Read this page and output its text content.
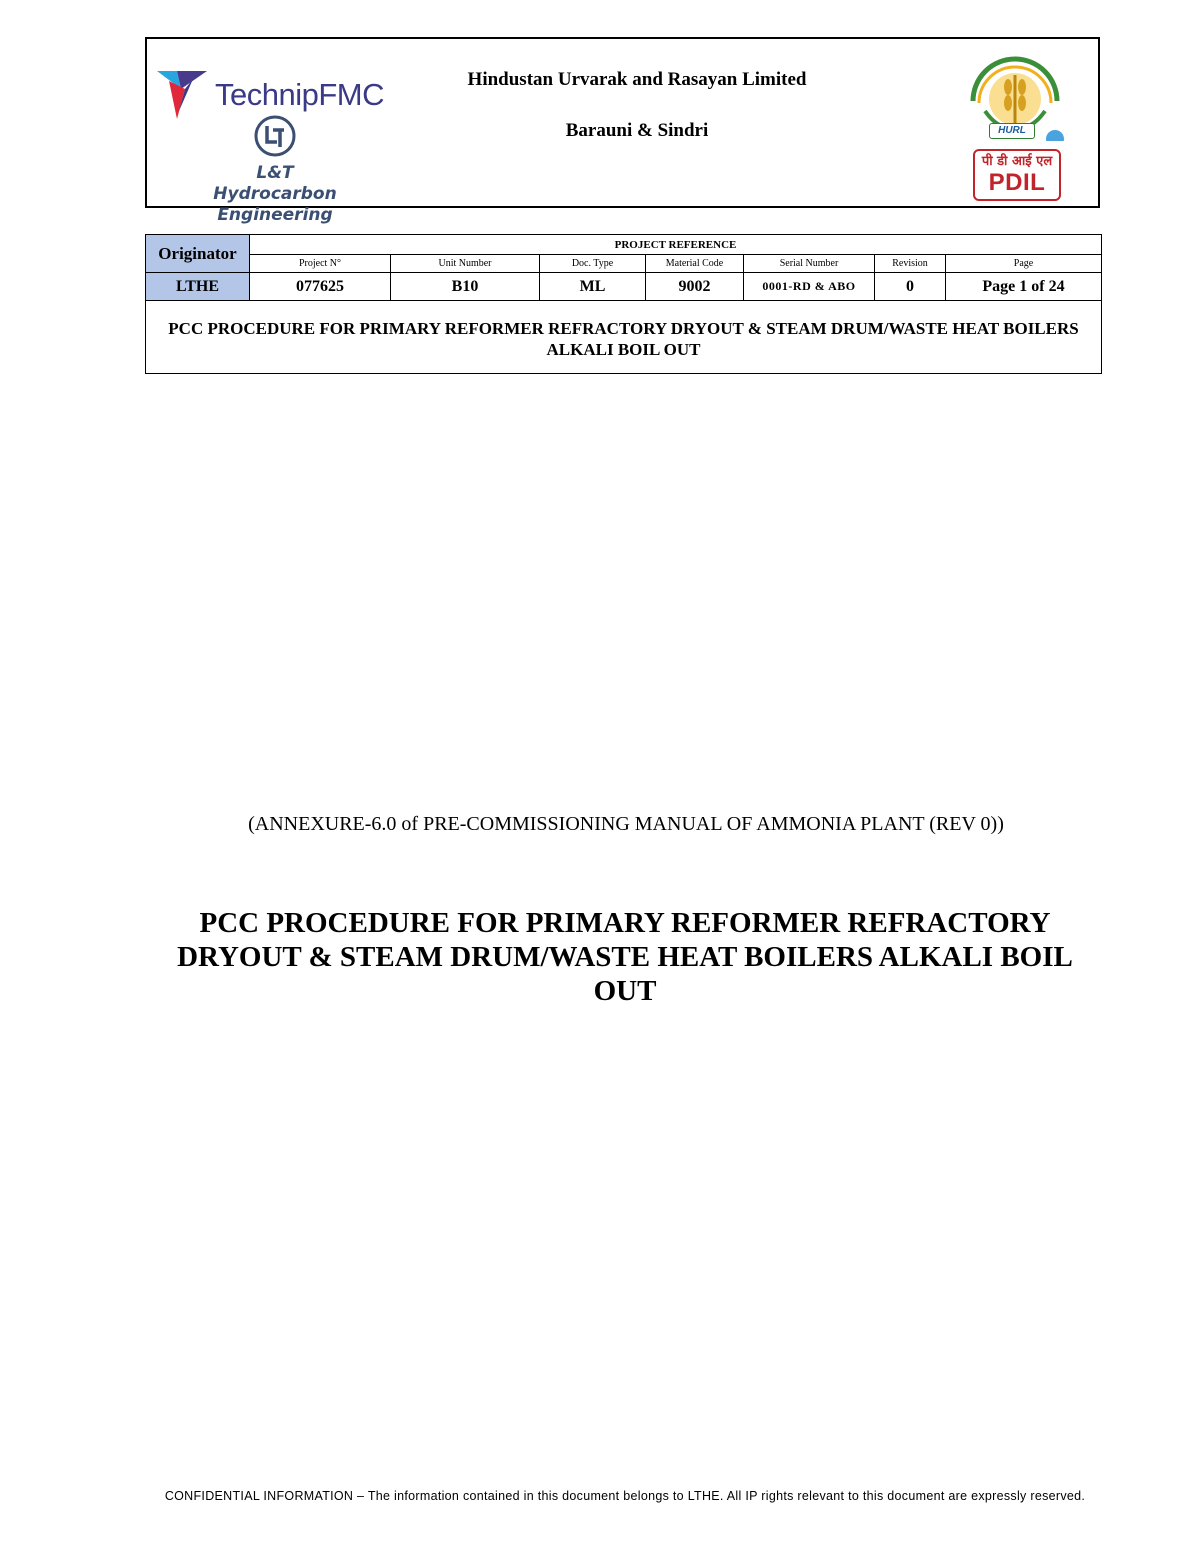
TechnipFMC
L&T Hydrocarbon
Engineering
Hindustan Urvarak and Rasayan Limited
Barauni & Sindri	HURL
पी डी आई एल
PDIL
Originator	PROJECT REFERENCE						
	Project N°	Unit Number	Doc. Type	Material Code	Serial Number	Revision	Page
LTHE	077625	B10	ML	9002	0001-RD & ABO	0	Page 1 of 24
PCC PROCEDURE FOR PRIMARY REFORMER REFRACTORY DRYOUT & STEAM DRUM/WASTE HEAT BOILERS ALKALI BOIL OUT							
(ANNEXURE-6.0 of PRE-COMMISSIONING MANUAL OF AMMONIA PLANT (REV 0))
PCC PROCEDURE FOR PRIMARY REFORMER REFRACTORY DRYOUT & STEAM DRUM/WASTE HEAT BOILERS ALKALI BOIL OUT
CONFIDENTIAL INFORMATION – The information contained in this document belongs to LTHE. All IP rights relevant to this document are expressly reserved.
